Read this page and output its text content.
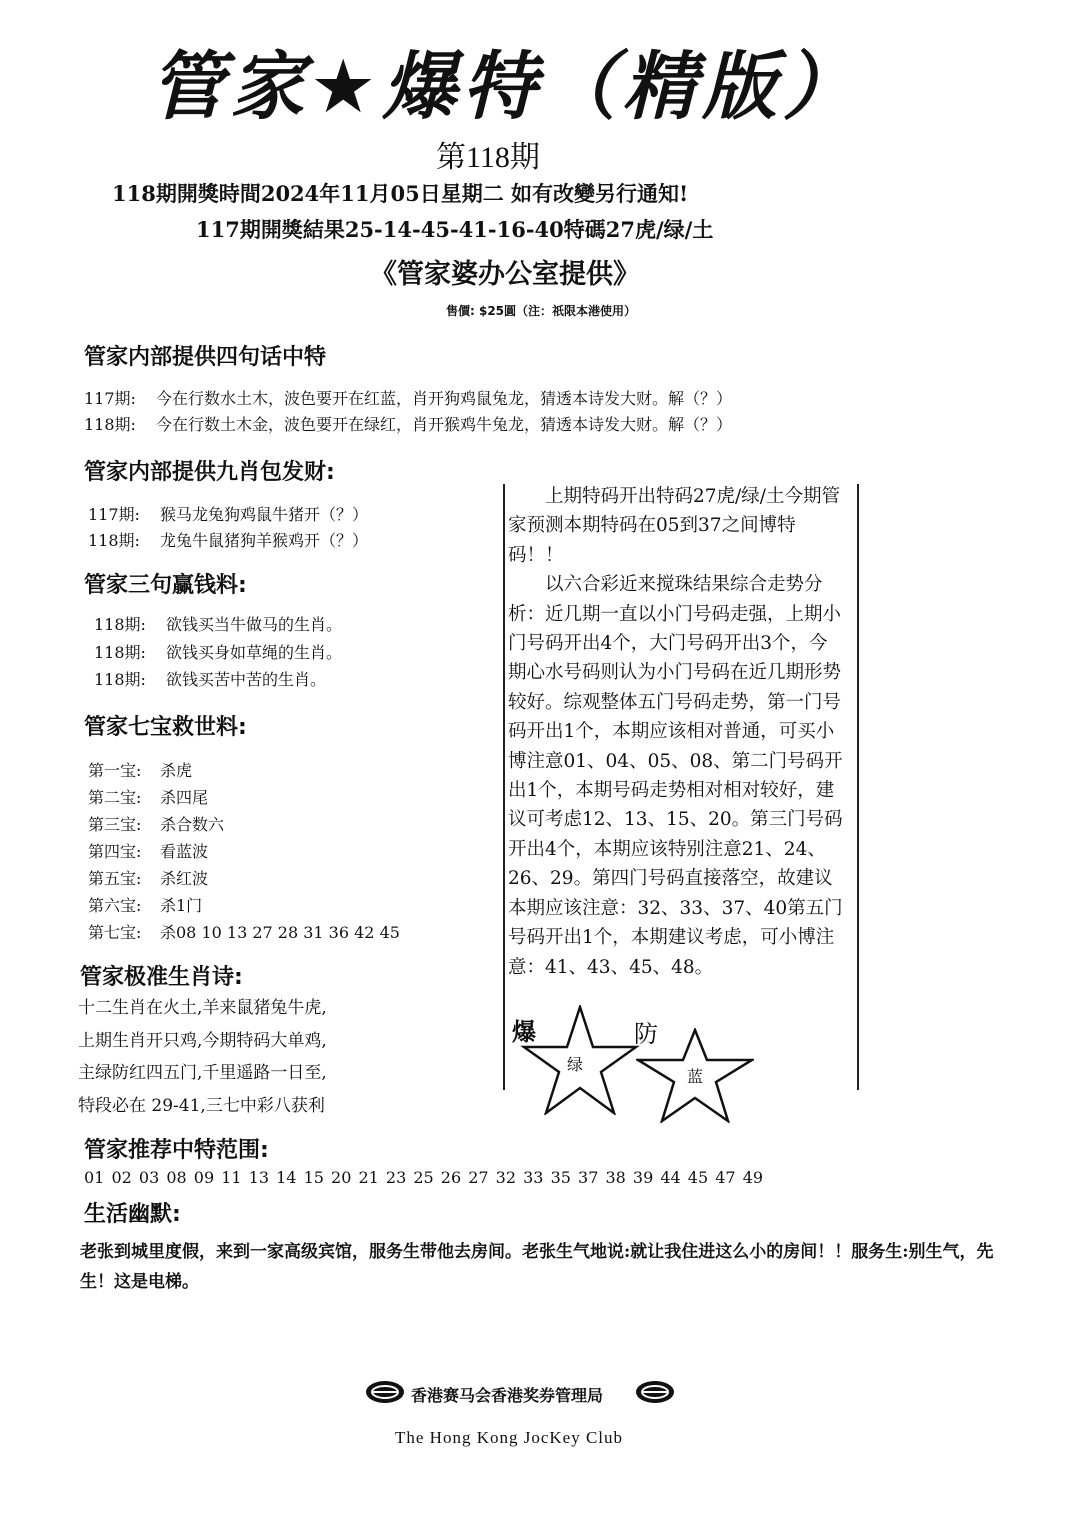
管家★爆特（精版）
第118期
118期開獎時間2024年11月05日星期二 如有改變另行通知!
117期開獎結果25-14-45-41-16-40特碼27虎/绿/土
《管家婆办公室提供》
售價: $25圓（注：祇限本港使用）
管家内部提供四句话中特
117期: 今在行数水土木，波色要开在红蓝，肖开狗鸡鼠兔龙，猜透本诗发大财。解（？）
118期: 今在行数土木金，波色要开在绿红，肖开猴鸡牛兔龙，猜透本诗发大财。解（？）
管家内部提供九肖包发财:
117期: 猴马龙兔狗鸡鼠牛猪开（？）
118期: 龙兔牛鼠猪狗羊猴鸡开（？）
管家三句赢钱料:
118期: 欲钱买当牛做马的生肖。
118期: 欲钱买身如草绳的生肖。
118期: 欲钱买苦中苦的生肖。
管家七宝救世料:
第一宝: 杀虎
第二宝: 杀四尾
第三宝: 杀合数六
第四宝: 看蓝波
第五宝: 杀红波
第六宝: 杀1门
第七宝: 杀08 10 13 27 28 31 36 42 45
管家极准生肖诗:
十二生肖在火土,羊来鼠猪兔牛虎,
上期生肖开只鸡,今期特码大单鸡,
主绿防红四五门,千里遥路一日至,
特段必在 29-41,三七中彩八获利

上期特码开出特码27虎/绿/土今期管家预测本期特码在05到37之间博特码！！

以六合彩近来搅珠结果综合走势分析：近几期一直以小门号码走强，上期小门号码开出4个，大门号码开出3个，今期心水号码则认为小门号码在近几期形势较好。综观整体五门号码走势，第一门号码开出1个，本期应该相对普通，可买小博注意01、04、05、08、第二门号码开出1个，本期号码走势相对相对较好，建议可考虑12、13、15、20。第三门号码开出4个，本期应该特别注意21、24、26、29。第四门号码直接落空，故建议本期应该注意：32、33、37、40第五门号码开出1个，本期建议考虑，可小博注意：41、43、45、48。

爆	防
绿
蓝
管家推荐中特范围:
01 02 03 08 09 11 13 14 15 20 21 23 25 26 27 32 33 35 37 38 39 44 45 47 49
生活幽默:
老张到城里度假，来到一家高级宾馆，服务生带他去房间。老张生气地说:就让我住进这么小的房间！！服务生:别生气，先生！这是电梯。
香港赛马会香港奖券管理局
The Hong Kong JocKey Club
